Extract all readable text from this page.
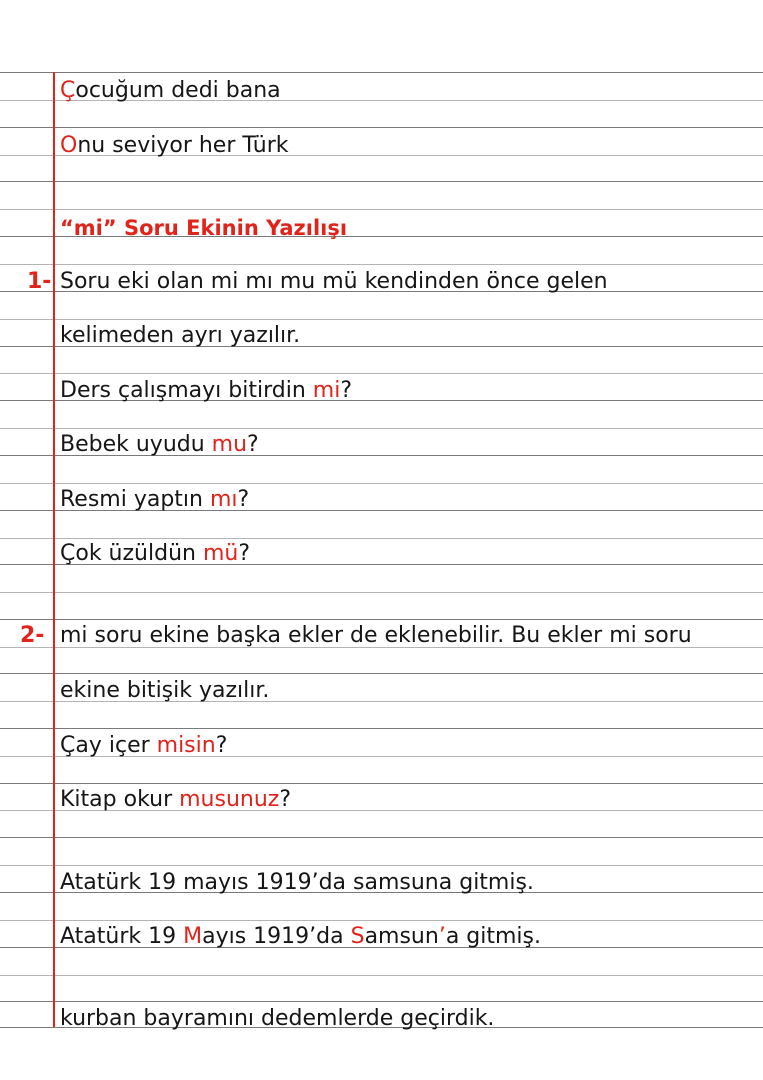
Çocuğum dedi bana
Onu seviyor her Türk
“mi” Soru Ekinin Yazılışı
1- Soru eki olan mi mı mu mü kendinden önce gelen
kelimeden ayrı yazılır.
Ders çalışmayı bitirdin mi?
Bebek uyudu mu?
Resmi yaptın mı?
Çok üzüldün mü?
2- mi soru ekine başka ekler de eklenebilir. Bu ekler mi soru
ekine bitişik yazılır.
Çay içer misin?
Kitap okur musunuz?
Atatürk 19 mayıs 1919’da samsuna gitmiş.
Atatürk 19 Mayıs 1919’da Samsun’a gitmiş.
kurban bayramını dedemlerde geçirdik.
